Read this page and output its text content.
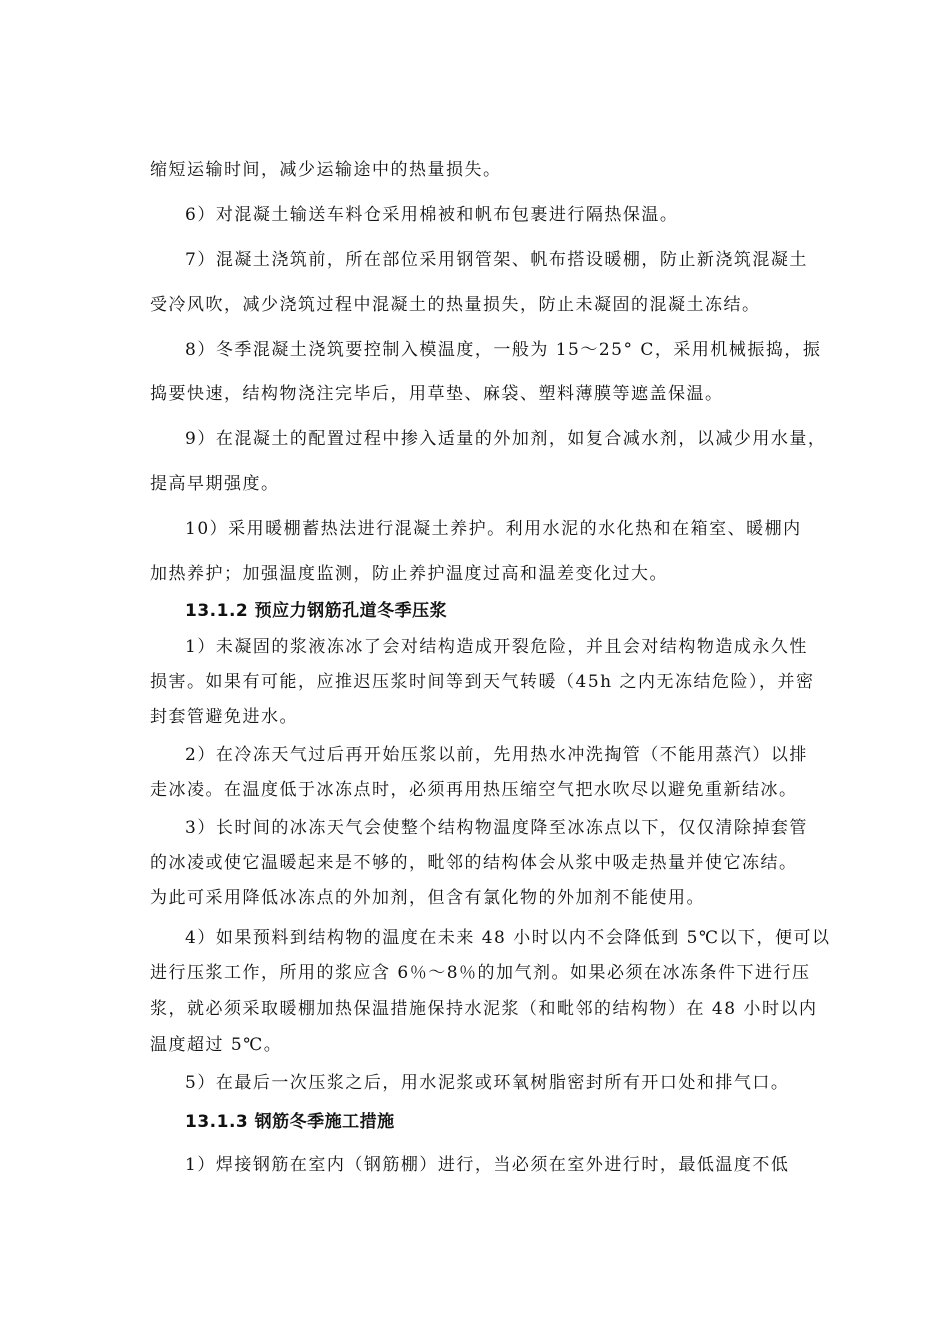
缩短运输时间，减少运输途中的热量损失。

6）对混凝土输送车料仓采用棉被和帆布包裹进行隔热保温。

7）混凝土浇筑前，所在部位采用钢管架、帆布搭设暖棚，防止新浇筑混凝土

受冷风吹，减少浇筑过程中混凝土的热量损失，防止未凝固的混凝土冻结。

8）冬季混凝土浇筑要控制入模温度，一般为 15～25° C，采用机械振捣，振

捣要快速，结构物浇注完毕后，用草垫、麻袋、塑料薄膜等遮盖保温。

9）在混凝土的配置过程中掺入适量的外加剂，如复合减水剂，以减少用水量，

提高早期强度。

10）采用暖棚蓄热法进行混凝土养护。利用水泥的水化热和在箱室、暖棚内

加热养护；加强温度监测，防止养护温度过高和温差变化过大。

13.1.2 预应力钢筋孔道冬季压浆

1）未凝固的浆液冻冰了会对结构造成开裂危险，并且会对结构物造成永久性

损害。如果有可能，应推迟压浆时间等到天气转暖（45h 之内无冻结危险），并密

封套管避免进水。

2）在冷冻天气过后再开始压浆以前，先用热水冲洗掏管（不能用蒸汽）以排

走冰凌。在温度低于冰冻点时，必须再用热压缩空气把水吹尽以避免重新结冰。

3）长时间的冰冻天气会使整个结构物温度降至冰冻点以下，仅仅清除掉套管

的冰凌或使它温暖起来是不够的，毗邻的结构体会从浆中吸走热量并使它冻结。

为此可采用降低冰冻点的外加剂，但含有氯化物的外加剂不能使用。

4）如果预料到结构物的温度在未来 48 小时以内不会降低到 5℃以下，便可以

进行压浆工作，所用的浆应含 6％～8％的加气剂。如果必须在冰冻条件下进行压

浆，就必须采取暖棚加热保温措施保持水泥浆（和毗邻的结构物）在 48 小时以内

温度超过 5℃。

5）在最后一次压浆之后，用水泥浆或环氧树脂密封所有开口处和排气口。

13.1.3 钢筋冬季施工措施

1）焊接钢筋在室内（钢筋棚）进行，当必须在室外进行时，最低温度不低
